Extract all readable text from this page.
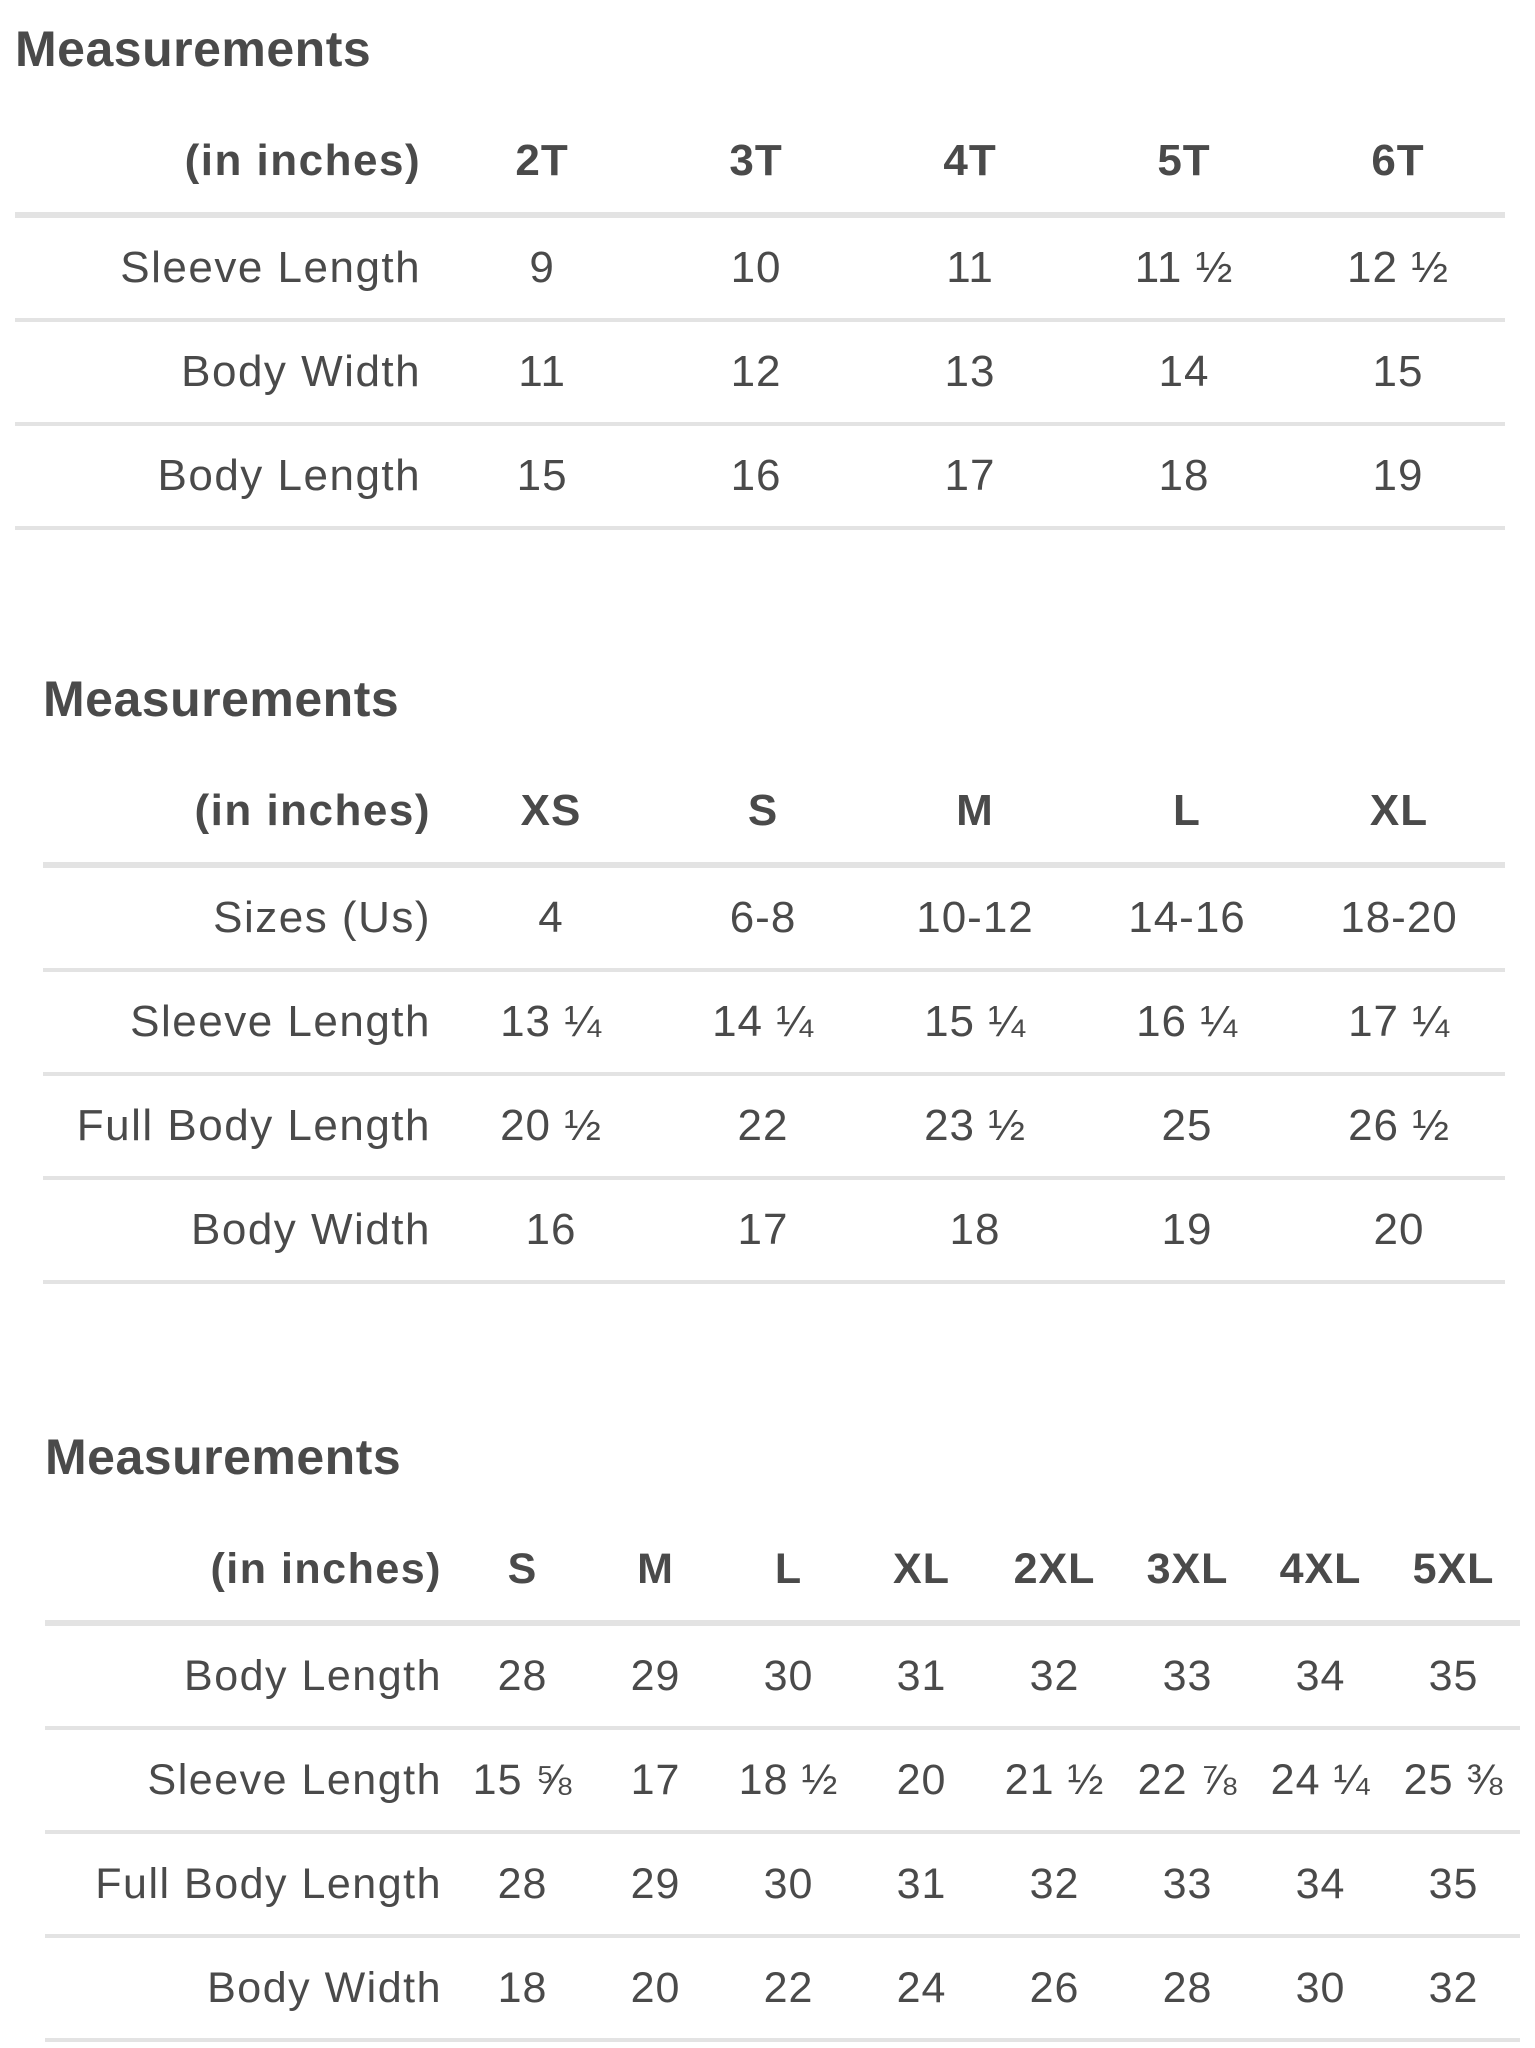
Measurements
(in inches)	2T	3T	4T	5T	6T
Sleeve Length	9	10	11	11 ½	12 ½
Body Width	11	12	13	14	15
Body Length	15	16	17	18	19
Measurements
(in inches)	XS	S	M	L	XL
Sizes (Us)	4	6-8	10-12	14-16	18-20
Sleeve Length	13 ¼	14 ¼	15 ¼	16 ¼	17 ¼
Full Body Length	20 ½	22	23 ½	25	26 ½
Body Width	16	17	18	19	20
Measurements
(in inches)	S	M	L	XL	2XL	3XL	4XL	5XL
Body Length	28	29	30	31	32	33	34	35
Sleeve Length	15 ⅝	17	18 ½	20	21 ½	22 ⅞	24 ¼	25 ⅜
Full Body Length	28	29	30	31	32	33	34	35
Body Width	18	20	22	24	26	28	30	32
